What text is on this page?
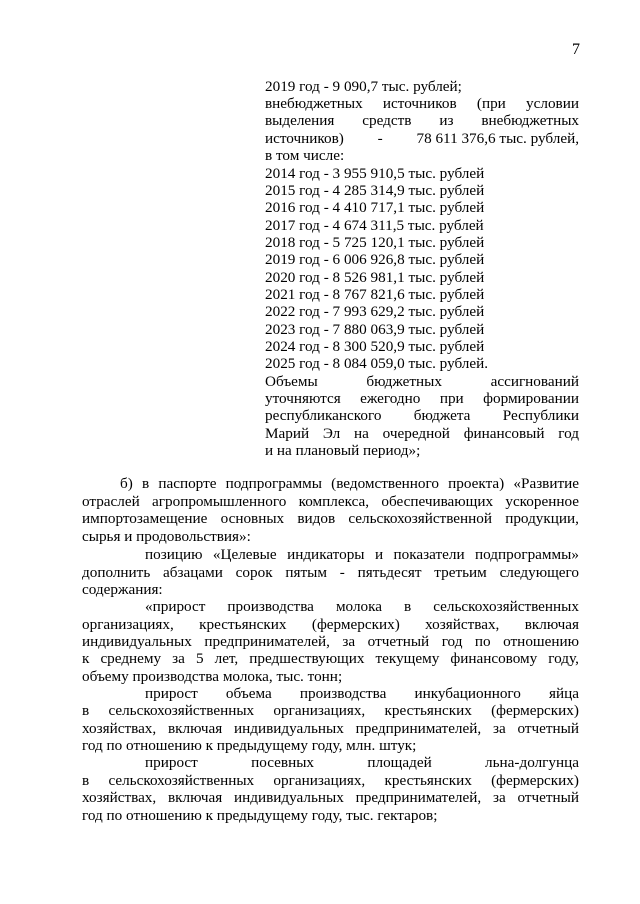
7
2019 год - 9 090,7 тыс. рублей;
внебюджетных источников (при условии
выделения средств из внебюджетных
источников) - 78 611 376,6 тыс. рублей,
в том числе:
2014 год - 3 955 910,5 тыс. рублей
2015 год - 4 285 314,9 тыс. рублей
2016 год - 4 410 717,1 тыс. рублей
2017 год - 4 674 311,5 тыс. рублей
2018 год - 5 725 120,1 тыс. рублей
2019 год - 6 006 926,8 тыс. рублей
2020 год - 8 526 981,1 тыс. рублей
2021 год - 8 767 821,6 тыс. рублей
2022 год - 7 993 629,2 тыс. рублей
2023 год - 7 880 063,9 тыс. рублей
2024 год - 8 300 520,9 тыс. рублей
2025 год - 8 084 059,0 тыс. рублей.
Объемы	бюджетных	ассигнований
уточняются ежегодно при формировании
республиканского бюджета Республики
Марий Эл на очередной финансовый год
и на плановый период»;
б) в паспорте подпрограммы (ведомственного проекта) «Развитие
отраслей агропромышленного комплекса, обеспечивающих ускоренное
импортозамещение основных видов сельскохозяйственной продукции,
сырья и продовольствия»:
позицию «Целевые индикаторы и показатели подпрограммы»
дополнить абзацами сорок пятым - пятьдесят третьим следующего
содержания:
«прирост производства молока в сельскохозяйственных
организациях, крестьянских (фермерских) хозяйствах, включая
индивидуальных предпринимателей, за отчетный год по отношению
к среднему за 5 лет, предшествующих текущему финансовому году,
объему производства молока, тыс. тонн;
прирост объема производства инкубационного яйца
в сельскохозяйственных организациях, крестьянских (фермерских)
хозяйствах, включая индивидуальных предпринимателей, за отчетный
год по отношению к предыдущему году, млн. штук;
прирост	посевных	площадей	льна-долгунца
в сельскохозяйственных организациях, крестьянских (фермерских)
хозяйствах, включая индивидуальных предпринимателей, за отчетный
год по отношению к предыдущему году, тыс. гектаров;
